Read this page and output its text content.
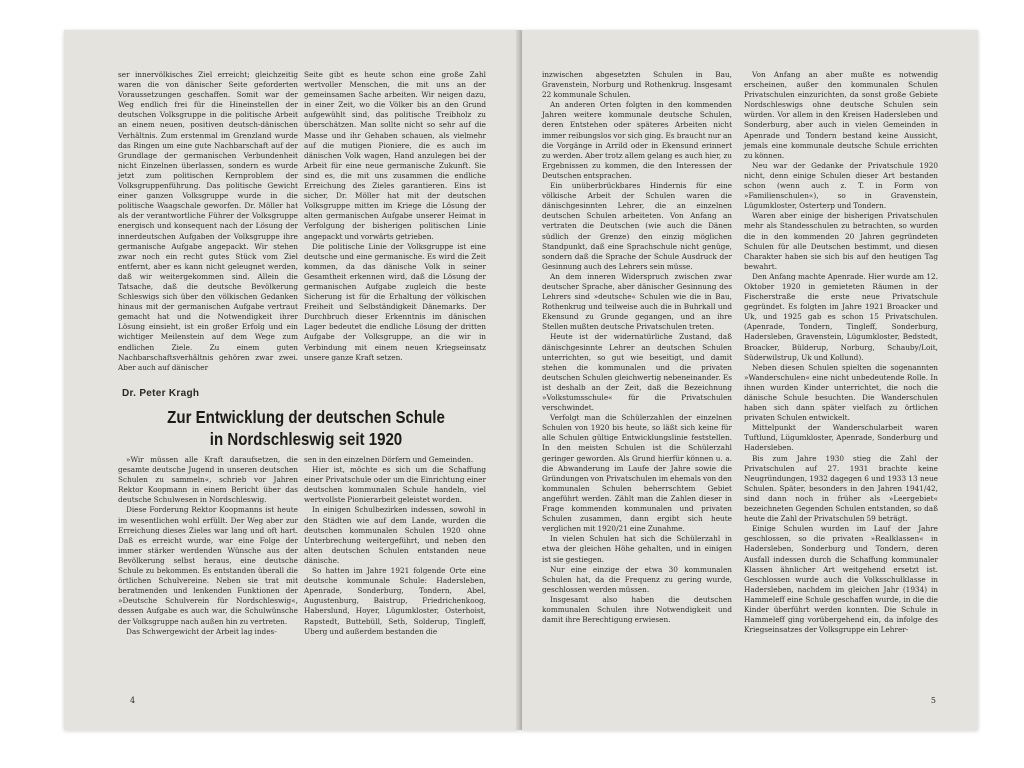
ser innervölkisches Ziel erreicht; gleichzeitig waren die von dänischer Seite geforderten Voraussetzungen geschaffen. Somit war der Weg endlich frei für die Hineinstellen der deutschen Volksgruppe in die politische Arbeit an einem neuen, positiven deutsch-dänischen Verhältnis. Zum erstenmal im Grenzland wurde das Ringen um eine gute Nachbarschaft auf der Grundlage der germanischen Verbundenheit nicht Einzelnen überlassen, sondern es wurde jetzt zum politischen Kernproblem der Volksgruppenführung. Das politische Gewicht einer ganzen Volksgruppe wurde in die politische Waagschale geworfen. Dr. Möller hat als der verantwortliche Führer der Volksgruppe energisch und konsequent nach der Lösung der innerdeutschen Aufgaben der Volksgruppe ihre germanische Aufgabe angepackt. Wir stehen zwar noch ein recht gutes Stück vom Ziel entfernt, aber es kann nicht geleugnet werden, daß wir weitergekommen sind. Allein die Tatsache, daß die deutsche Bevölkerung Schleswigs sich über den völkischen Gedanken hinaus mit der germanischen Aufgabe vertraut gemacht hat und die Notwendigkeit ihrer Lösung einsieht, ist ein großer Erfolg und ein wichtiger Meilenstein auf dem Wege zum endlichen Ziele. Zu einem guten Nachbarschaftsverhältnis gehören zwar zwei. Aber auch auf dänischer

Seite gibt es heute schon eine große Zahl wertvoller Menschen, die mit uns an der gemeinsamen Sache arbeiten. Wir neigen dazu, in einer Zeit, wo die Völker bis an den Grund aufgewühlt sind, das politische Treibholz zu überschätzen. Man sollte nicht so sehr auf die Masse und ihr Gehaben schauen, als vielmehr auf die mutigen Pioniere, die es auch im dänischen Volk wagen, Hand anzulegen bei der Arbeit für eine neue germanische Zukunft. Sie sind es, die mit uns zusammen die endliche Erreichung des Zieles garantieren. Eins ist sicher, Dr. Möller hat mit der deutschen Volksgruppe mitten im Kriege die Lösung der alten germanischen Aufgabe unserer Heimat in Verfolgung der bisherigen politischen Linie angepackt und vorwärts getrieben.

Die politische Linie der Volksgruppe ist eine deutsche und eine germanische. Es wird die Zeit kommen, da das dänische Volk in seiner Gesamtheit erkennen wird, daß die Lösung der germanischen Aufgabe zugleich die beste Sicherung ist für die Erhaltung der völkischen Freiheit und Selbständigkeit Dänemarks. Der Durchbruch dieser Erkenntnis im dänischen Lager bedeutet die endliche Lösung der dritten Aufgabe der Volksgruppe, an die wir in Verbindung mit einem neuen Kriegseinsatz unsere ganze Kraft setzen.

Dr. Peter Kragh
Zur Entwicklung der deutschen Schule
in Nordschleswig seit 1920

»Wir müssen alle Kraft daraufsetzen, die gesamte deutsche Jugend in unseren deutschen Schulen zu sammeln«, schrieb vor Jahren Rektor Koopmann in einem Bericht über das deutsche Schulwesen in Nordschleswig.

Diese Forderung Rektor Koopmanns ist heute im wesentlichen wohl erfüllt. Der Weg aber zur Erreichung dieses Zieles war lang und oft hart. Daß es erreicht wurde, war eine Folge der immer stärker werdenden Wünsche aus der Bevölkerung selbst heraus, eine deutsche Schule zu bekommen. Es entstanden überall die örtlichen Schulvereine. Neben sie trat mit beratmenden und lenkenden Funktionen der »Deutsche Schulverein für Nordschleswig«, dessen Aufgabe es auch war, die Schulwünsche der Volksgruppe nach außen hin zu vertreten.

Das Schwergewicht der Arbeit lag indes-

sen in den einzelnen Dörfern und Gemeinden.

Hier ist, möchte es sich um die Schaffung einer Privatschule oder um die Einrichtung einer deutschen kommunalen Schule handeln, viel wertvollste Pionierarbeit geleistet worden.

In einigen Schulbezirken indessen, sowohl in den Städten wie auf dem Lande, wurden die deutschen kommunalen Schulen 1920 ohne Unterbrechung weitergeführt, und neben den alten deutschen Schulen entstanden neue dänische.

So hatten im Jahre 1921 folgende Orte eine deutsche kommunale Schule: Hadersleben, Apenrade, Sonderburg, Tondern, Abel, Augustenburg, Baistrup, Friedrichenkoog, Haberslund, Hoyer, Lügumkloster, Osterhoist, Rapstedt, Buttebüll, Seth, Solderup, Tingleff, Uberg und außerdem bestanden die

4

inzwischen abgesetzten Schulen in Bau, Gravenstein, Norburg und Rothenkrug. Insgesamt 22 kommunale Schulen.

An anderen Orten folgten in den kommenden Jahren weitere kommunale deutsche Schulen, deren Entstehen oder späteres Arbeiten nicht immer reibungslos vor sich ging. Es braucht nur an die Vorgänge in Arrild oder in Ekensund erinnert zu werden. Aber trotz allem gelang es auch hier, zu Ergebnissen zu kommen, die den Interessen der Deutschen entsprachen.

Ein unüberbrückbares Hindernis für eine völkische Arbeit der Schulen waren die dänischgesinnten Lehrer, die an einzelnen deutschen Schulen arbeiteten. Von Anfang an vertraten die Deutschen (wie auch die Dänen südlich der Grenze) den einzig möglichen Standpunkt, daß eine Sprachschule nicht genüge, sondern daß die Sprache der Schule Ausdruck der Gesinnung auch des Lehrers sein müsse.

An dem inneren Widerspruch zwischen zwar deutscher Sprache, aber dänischer Gesinnung des Lehrers sind »deutsche« Schulen wie die in Bau, Rothenkrug und teilweise auch die in Buhrkall und Ekensund zu Grunde gegangen, und an ihre Stellen mußten deutsche Privatschulen treten.

Heute ist der widernatürliche Zustand, daß dänischgesinnte Lehrer an deutschen Schulen unterrichten, so gut wie beseitigt, und damit stehen die kommunalen und die privaten deutschen Schulen gleichwertig nebeneinander. Es ist deshalb an der Zeit, daß die Bezeichnung »Volkstumsschule« für die Privatschulen verschwindet.

Verfolgt man die Schülerzahlen der einzelnen Schulen von 1920 bis heute, so läßt sich keine für alle Schulen gültige Entwicklungslinie feststellen. In den meisten Schulen ist die Schülerzahl geringer geworden. Als Grund hierfür können u. a. die Abwanderung im Laufe der Jahre sowie die Gründungen von Privatschulen im ehemals von den kommunalen Schulen beherrschtem Gebiet angeführt werden. Zählt man die Zahlen dieser in Frage kommenden kommunalen und privaten Schulen zusammen, dann ergibt sich heute verglichen mit 1920/21 eine Zunahme.

In vielen Schulen hat sich die Schülerzahl in etwa der gleichen Höhe gehalten, und in einigen ist sie gestiegen.

Nur eine einzige der etwa 30 kommunalen Schulen hat, da die Frequenz zu gering wurde, geschlossen werden müssen.

Insgesamt also haben die deutschen kommunalen Schulen ihre Notwendigkeit und damit ihre Berechtigung erwiesen.

Von Anfang an aber mußte es notwendig erscheinen, außer den kommunalen Schulen Privatschulen einzurichten, da sonst große Gebiete Nordschleswigs ohne deutsche Schulen sein würden. Vor allem in den Kreisen Hadersleben und Sonderburg, aber auch in vielen Gemeinden in Apenrade und Tondern bestand keine Aussicht, jemals eine kommunale deutsche Schule errichten zu können.

Neu war der Gedanke der Privatschule 1920 nicht, denn einige Schulen dieser Art bestanden schon (wenn auch z. T. in Form von »Familienschulen«), so in Gravenstein, Lügumkloster, Osterterp und Tondern.

Waren aber einige der bisherigen Privatschulen mehr als Standesschulen zu betrachten, so wurden die in den kommenden 20 Jahren gegründeten Schulen für alle Deutschen bestimmt, und diesen Charakter haben sie sich bis auf den heutigen Tag bewahrt.

Den Anfang machte Apenrade. Hier wurde am 12. Oktober 1920 in gemieteten Räumen in der Fischerstraße die erste neue Privatschule gegründet. Es folgten im Jahre 1921 Broacker und Uk, und 1925 gab es schon 15 Privatschulen. (Apenrade, Tondern, Tingleff, Sonderburg, Hadersleben, Gravenstein, Lügumkloster, Bedstedt, Broacker, Bülderup, Norburg, Schauby/Loit, Süderwilstrup, Uk und Kollund).

Neben diesen Schulen spielten die sogenannten »Wanderschulen« eine nicht unbedeutende Rolle. In ihnen wurden Kinder unterrichtet, die noch die dänische Schule besuchten. Die Wanderschulen haben sich dann später vielfach zu örtlichen privaten Schulen entwickelt.

Mittelpunkt der Wanderschularbeit waren Tuftlund, Lügumkloster, Apenrade, Sonderburg und Hadersleben.

Bis zum Jahre 1930 stieg die Zahl der Privatschulen auf 27. 1931 brachte keine Neugründungen, 1932 dagegen 6 und 1933 13 neue Schulen. Später, besonders in den Jahren 1941/42, sind dann noch in früher als »Leergebiet« bezeichneten Gegenden Schulen entstanden, so daß heute die Zahl der Privatschulen 59 beträgt.

Einige Schulen wurden im Lauf der Jahre geschlossen, so die privaten »Realklassen« in Hadersleben, Sonderburg und Tondern, deren Ausfall indessen durch die Schaffung kommunaler Klassen ähnlicher Art weitgehend ersetzt ist. Geschlossen wurde auch die Volksschulklasse in Hadersleben, nachdem im gleichen Jahr (1934) in Hammeleff eine Schule geschaffen wurde, in die die Kinder überführt werden konnten. Die Schule in Hammeleff ging vorübergehend ein, da infolge des Kriegseinsatzes der Volksgruppe ein Lehrer-

5
